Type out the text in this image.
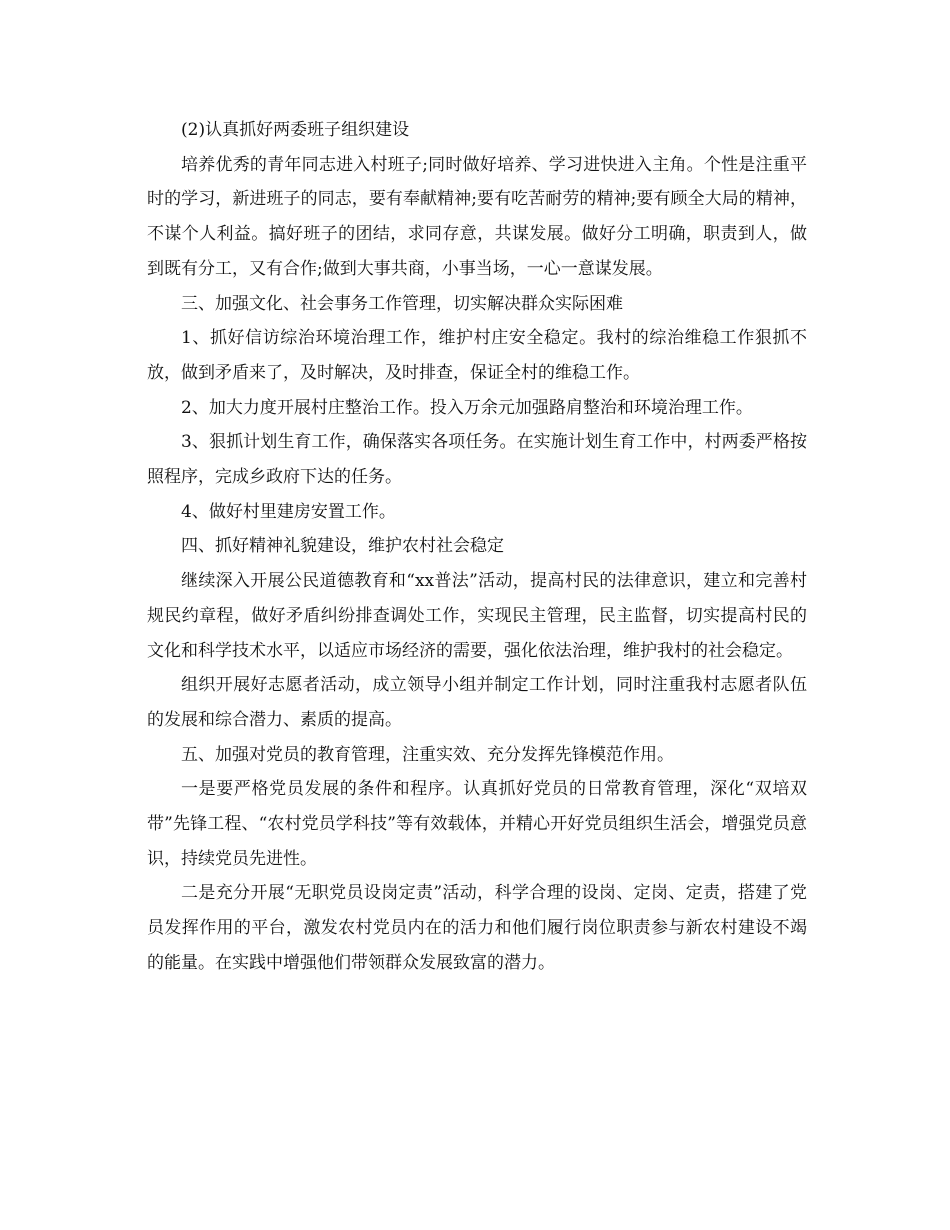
(2)认真抓好两委班子组织建设

培养优秀的青年同志进入村班子;同时做好培养、学习进快进入主角。个性是注重平时的学习，新进班子的同志，要有奉献精神;要有吃苦耐劳的精神;要有顾全大局的精神，不谋个人利益。搞好班子的团结，求同存意，共谋发展。做好分工明确，职责到人，做到既有分工，又有合作;做到大事共商，小事当场，一心一意谋发展。

三、加强文化、社会事务工作管理，切实解决群众实际困难

1、抓好信访综治环境治理工作，维护村庄安全稳定。我村的综治维稳工作狠抓不放，做到矛盾来了，及时解决，及时排查，保证全村的维稳工作。

2、加大力度开展村庄整治工作。投入万余元加强路肩整治和环境治理工作。

3、狠抓计划生育工作，确保落实各项任务。在实施计划生育工作中，村两委严格按照程序，完成乡政府下达的任务。

4、做好村里建房安置工作。

四、抓好精神礼貌建设，维护农村社会稳定

继续深入开展公民道德教育和“xx普法”活动，提高村民的法律意识，建立和完善村规民约章程，做好矛盾纠纷排查调处工作，实现民主管理，民主监督，切实提高村民的文化和科学技术水平，以适应市场经济的需要，强化依法治理，维护我村的社会稳定。

组织开展好志愿者活动，成立领导小组并制定工作计划，同时注重我村志愿者队伍的发展和综合潜力、素质的提高。

五、加强对党员的教育管理，注重实效、充分发挥先锋模范作用。

一是要严格党员发展的条件和程序。认真抓好党员的日常教育管理，深化“双培双带”先锋工程、“农村党员学科技”等有效载体，并精心开好党员组织生活会，增强党员意识，持续党员先进性。

二是充分开展“无职党员设岗定责”活动，科学合理的设岗、定岗、定责，搭建了党员发挥作用的平台，激发农村党员内在的活力和他们履行岗位职责参与新农村建设不竭的能量。在实践中增强他们带领群众发展致富的潜力。
